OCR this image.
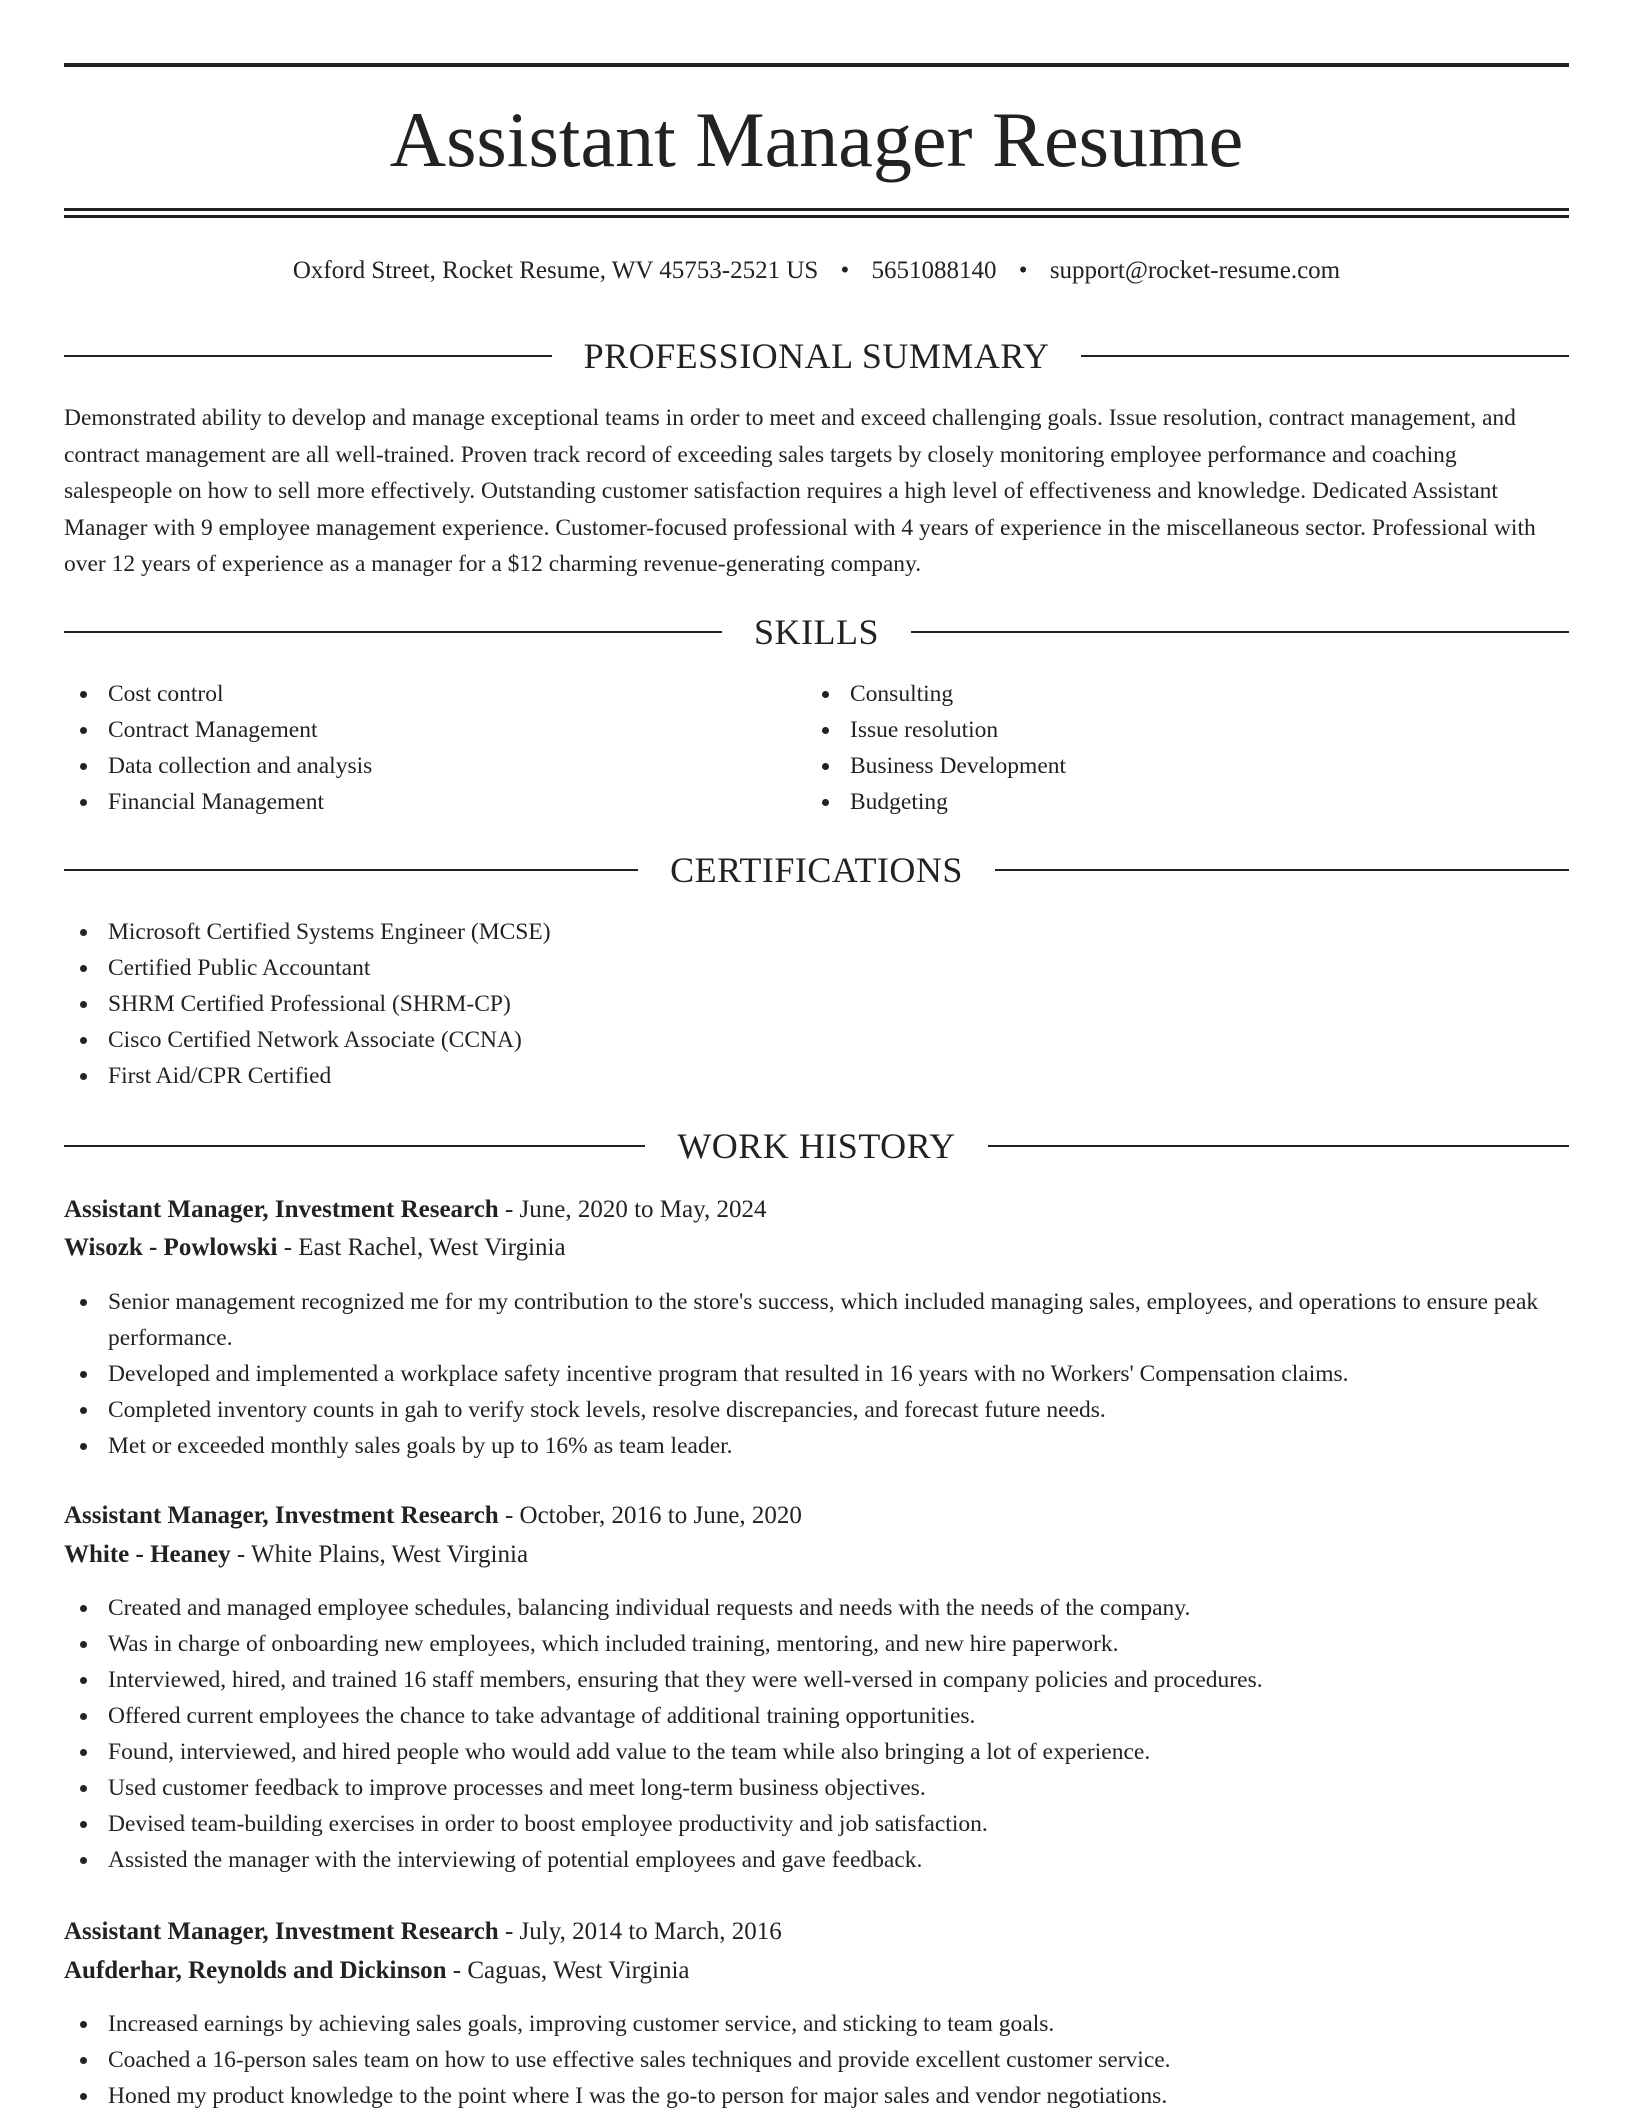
Assistant Manager Resume
Oxford Street, Rocket Resume, WV 45753-2521 US • 5651088140 • support@rocket-resume.com
PROFESSIONAL SUMMARY

Demonstrated ability to develop and manage exceptional teams in order to meet and exceed challenging goals. Issue resolution, contract management, and contract management are all well-trained. Proven track record of exceeding sales targets by closely monitoring employee performance and coaching salespeople on how to sell more effectively. Outstanding customer satisfaction requires a high level of effectiveness and knowledge. Dedicated Assistant Manager with 9 employee management experience. Customer-focused professional with 4 years of experience in the miscellaneous sector. Professional with over 12 years of experience as a manager for a $12 charming revenue-generating company.

SKILLS
Cost control
Contract Management
Data collection and analysis
Financial Management
Consulting
Issue resolution
Business Development
Budgeting
CERTIFICATIONS
Microsoft Certified Systems Engineer (MCSE)
Certified Public Accountant
SHRM Certified Professional (SHRM-CP)
Cisco Certified Network Associate (CCNA)
First Aid/CPR Certified
WORK HISTORY
Assistant Manager, Investment Research - June, 2020 to May, 2024
Wisozk - Powlowski - East Rachel, West Virginia
Senior management recognized me for my contribution to the store's success, which included managing sales, employees, and operations to ensure peak performance.
Developed and implemented a workplace safety incentive program that resulted in 16 years with no Workers' Compensation claims.
Completed inventory counts in gah to verify stock levels, resolve discrepancies, and forecast future needs.
Met or exceeded monthly sales goals by up to 16% as team leader.
Assistant Manager, Investment Research - October, 2016 to June, 2020
White - Heaney - White Plains, West Virginia
Created and managed employee schedules, balancing individual requests and needs with the needs of the company.
Was in charge of onboarding new employees, which included training, mentoring, and new hire paperwork.
Interviewed, hired, and trained 16 staff members, ensuring that they were well-versed in company policies and procedures.
Offered current employees the chance to take advantage of additional training opportunities.
Found, interviewed, and hired people who would add value to the team while also bringing a lot of experience.
Used customer feedback to improve processes and meet long-term business objectives.
Devised team-building exercises in order to boost employee productivity and job satisfaction.
Assisted the manager with the interviewing of potential employees and gave feedback.
Assistant Manager, Investment Research - July, 2014 to March, 2016
Aufderhar, Reynolds and Dickinson - Caguas, West Virginia
Increased earnings by achieving sales goals, improving customer service, and sticking to team goals.
Coached a 16-person sales team on how to use effective sales techniques and provide excellent customer service.
Honed my product knowledge to the point where I was the go-to person for major sales and vendor negotiations.
